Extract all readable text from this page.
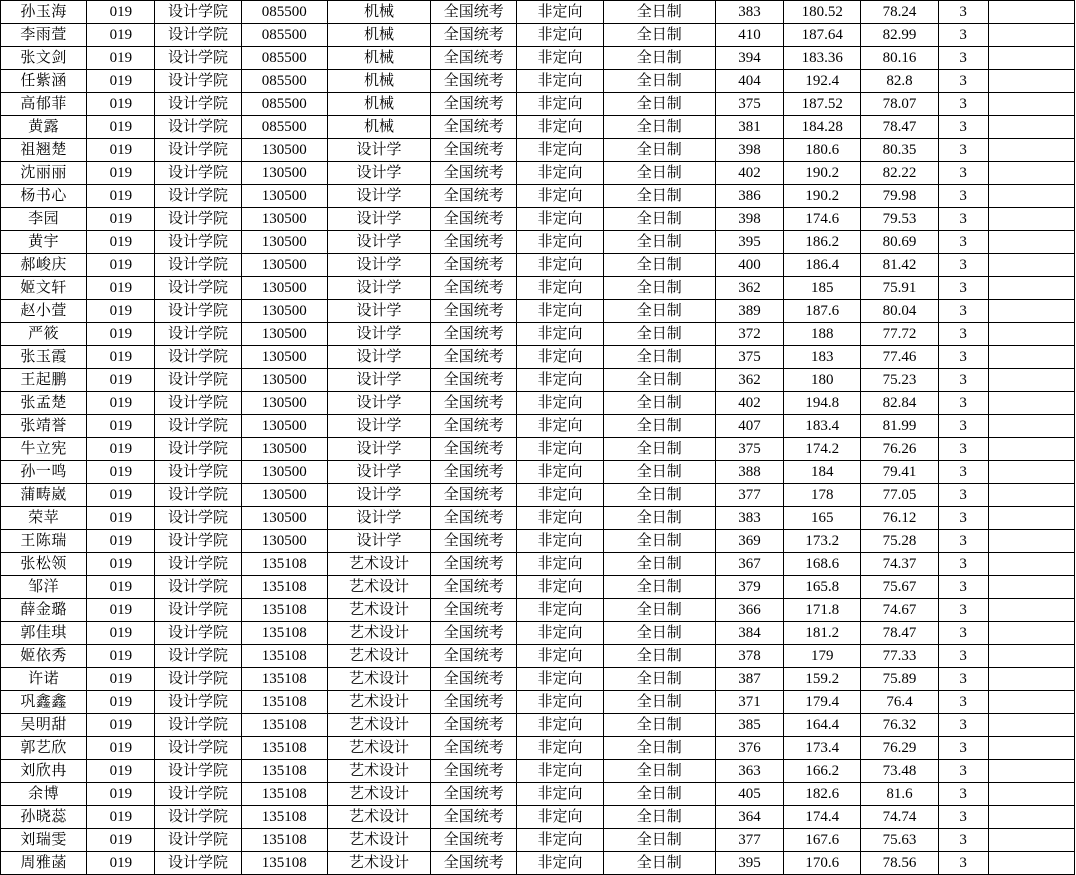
孙玉海	019	设计学院	085500	机械	全国统考	非定向	全日制	383	180.52	78.24	3	
李雨萱	019	设计学院	085500	机械	全国统考	非定向	全日制	410	187.64	82.99	3	
张文剑	019	设计学院	085500	机械	全国统考	非定向	全日制	394	183.36	80.16	3	
任紫涵	019	设计学院	085500	机械	全国统考	非定向	全日制	404	192.4	82.8	3	
高郁菲	019	设计学院	085500	机械	全国统考	非定向	全日制	375	187.52	78.07	3	
黄露	019	设计学院	085500	机械	全国统考	非定向	全日制	381	184.28	78.47	3	
祖翘楚	019	设计学院	130500	设计学	全国统考	非定向	全日制	398	180.6	80.35	3	
沈丽丽	019	设计学院	130500	设计学	全国统考	非定向	全日制	402	190.2	82.22	3	
杨书心	019	设计学院	130500	设计学	全国统考	非定向	全日制	386	190.2	79.98	3	
李园	019	设计学院	130500	设计学	全国统考	非定向	全日制	398	174.6	79.53	3	
黄宇	019	设计学院	130500	设计学	全国统考	非定向	全日制	395	186.2	80.69	3	
郝峻庆	019	设计学院	130500	设计学	全国统考	非定向	全日制	400	186.4	81.42	3	
姬文轩	019	设计学院	130500	设计学	全国统考	非定向	全日制	362	185	75.91	3	
赵小萱	019	设计学院	130500	设计学	全国统考	非定向	全日制	389	187.6	80.04	3	
严筱	019	设计学院	130500	设计学	全国统考	非定向	全日制	372	188	77.72	3	
张玉霞	019	设计学院	130500	设计学	全国统考	非定向	全日制	375	183	77.46	3	
王起鹏	019	设计学院	130500	设计学	全国统考	非定向	全日制	362	180	75.23	3	
张孟楚	019	设计学院	130500	设计学	全国统考	非定向	全日制	402	194.8	82.84	3	
张靖誉	019	设计学院	130500	设计学	全国统考	非定向	全日制	407	183.4	81.99	3	
牛立宪	019	设计学院	130500	设计学	全国统考	非定向	全日制	375	174.2	76.26	3	
孙一鸣	019	设计学院	130500	设计学	全国统考	非定向	全日制	388	184	79.41	3	
蒲畴崴	019	设计学院	130500	设计学	全国统考	非定向	全日制	377	178	77.05	3	
荣苹	019	设计学院	130500	设计学	全国统考	非定向	全日制	383	165	76.12	3	
王陈瑞	019	设计学院	130500	设计学	全国统考	非定向	全日制	369	173.2	75.28	3	
张松领	019	设计学院	135108	艺术设计	全国统考	非定向	全日制	367	168.6	74.37	3	
邹洋	019	设计学院	135108	艺术设计	全国统考	非定向	全日制	379	165.8	75.67	3	
薛金璐	019	设计学院	135108	艺术设计	全国统考	非定向	全日制	366	171.8	74.67	3	
郭佳琪	019	设计学院	135108	艺术设计	全国统考	非定向	全日制	384	181.2	78.47	3	
姬依秀	019	设计学院	135108	艺术设计	全国统考	非定向	全日制	378	179	77.33	3	
许诺	019	设计学院	135108	艺术设计	全国统考	非定向	全日制	387	159.2	75.89	3	
巩鑫鑫	019	设计学院	135108	艺术设计	全国统考	非定向	全日制	371	179.4	76.4	3	
吴明甜	019	设计学院	135108	艺术设计	全国统考	非定向	全日制	385	164.4	76.32	3	
郭艺欣	019	设计学院	135108	艺术设计	全国统考	非定向	全日制	376	173.4	76.29	3	
刘欣冉	019	设计学院	135108	艺术设计	全国统考	非定向	全日制	363	166.2	73.48	3	
余博	019	设计学院	135108	艺术设计	全国统考	非定向	全日制	405	182.6	81.6	3	
孙晓蕊	019	设计学院	135108	艺术设计	全国统考	非定向	全日制	364	174.4	74.74	3	
刘瑞雯	019	设计学院	135108	艺术设计	全国统考	非定向	全日制	377	167.6	75.63	3	
周雅菡	019	设计学院	135108	艺术设计	全国统考	非定向	全日制	395	170.6	78.56	3	
